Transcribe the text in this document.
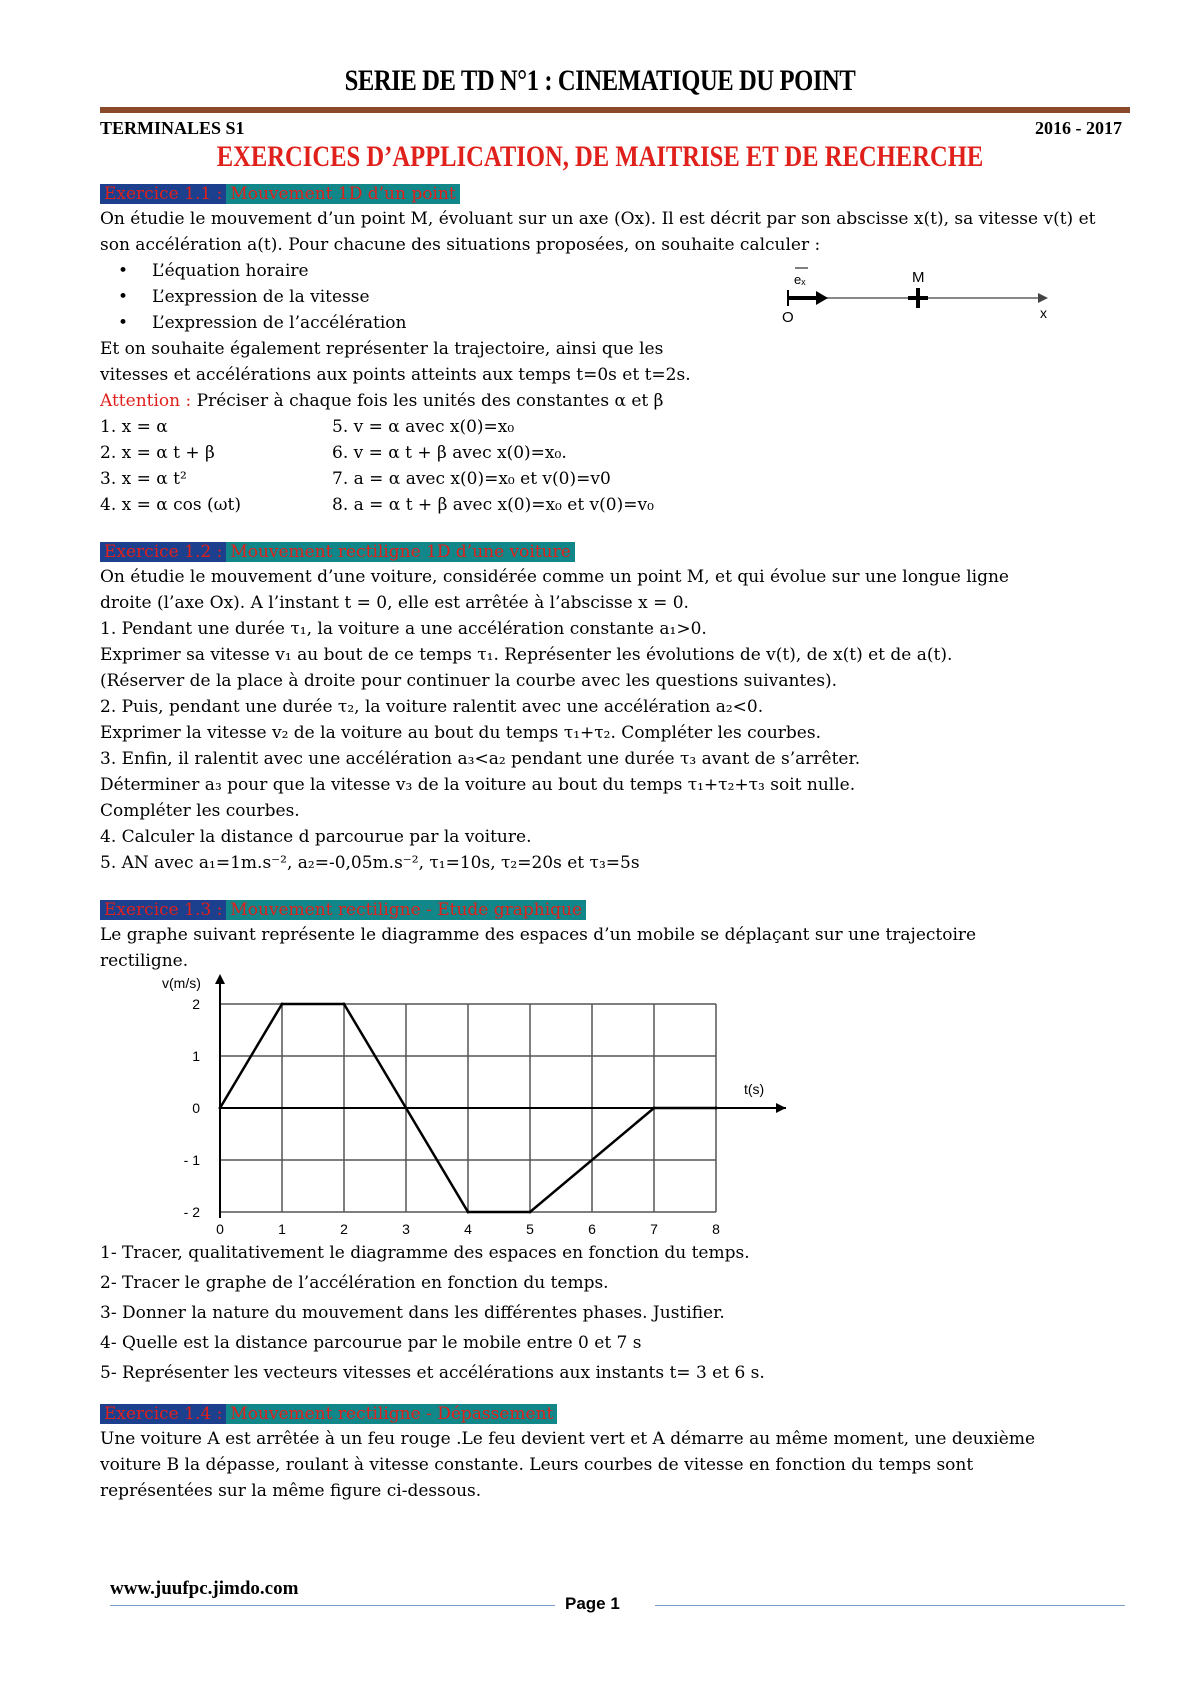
SERIE DE TD N°1 : CINEMATIQUE DU POINT
TERMINALES S1	2016 - 2017
EXERCICES D’APPLICATION, DE MAITRISE ET DE RECHERCHE
Exercice 1.1 : Mouvement 1D d’un point

On étudie le mouvement d’un point M, évoluant sur un axe (Ox). Il est décrit par son abscisse x(t), sa vitesse v(t) et son accélération a(t). Pour chacune des situations proposées, on souhaite calculer :

• L’équation horaire
• L’expression de la vitesse
• L’expression de l’accélération
eₓ	M
O	x

Et on souhaite également représenter la trajectoire, ainsi que les

vitesses et accélérations aux points atteints aux temps t=0s et t=2s.

Attention : Préciser à chaque fois les unités des constantes α et β

1. x = α	5. v = α avec x(0)=x₀
2. x = α t + β	6. v = α t + β avec x(0)=x₀.
3. x = α t²	7. a = α avec x(0)=x₀ et v(0)=v0
4. x = α cos (ωt)	8. a = α t + β avec x(0)=x₀ et v(0)=v₀
Exercice 1.2 : Mouvement rectiligne 1D d’une voiture

On étudie le mouvement d’une voiture, considérée comme un point M, et qui évolue sur une longue ligne

droite (l’axe Ox). A l’instant t = 0, elle est arrêtée à l’abscisse x = 0.

1. Pendant une durée τ₁, la voiture a une accélération constante a₁>0.

Exprimer sa vitesse v₁ au bout de ce temps τ₁. Représenter les évolutions de v(t), de x(t) et de a(t).

(Réserver de la place à droite pour continuer la courbe avec les questions suivantes).

2. Puis, pendant une durée τ₂, la voiture ralentit avec une accélération a₂<0.

Exprimer la vitesse v₂ de la voiture au bout du temps τ₁+τ₂. Compléter les courbes.

3. Enfin, il ralentit avec une accélération a₃<a₂ pendant une durée τ₃ avant de s’arrêter.

Déterminer a₃ pour que la vitesse v₃ de la voiture au bout du temps τ₁+τ₂+τ₃ soit nulle.

Compléter les courbes.

4. Calculer la distance d parcourue par la voiture.

5. AN avec a₁=1m.s⁻², a₂=-0,05m.s⁻², τ₁=10s, τ₂=20s et τ₃=5s

Exercice 1.3 : Mouvement rectiligne - Etude graphique

Le graphe suivant représente le diagramme des espaces d’un mobile se déplaçant sur une trajectoire

rectiligne.

2
1
0
- 1
- 2
0	1	2	3	4	5	6	7	8
v(m/s)
t(s)

1- Tracer, qualitativement le diagramme des espaces en fonction du temps.

2- Tracer le graphe de l’accélération en fonction du temps.

3- Donner la nature du mouvement dans les différentes phases. Justifier.

4- Quelle est la distance parcourue par le mobile entre 0 et 7 s

5- Représenter les vecteurs vitesses et accélérations aux instants t= 3 et 6 s.

Exercice 1.4 : Mouvement rectiligne - Dépassement

Une voiture A est arrêtée à un feu rouge .Le feu devient vert et A démarre au même moment, une deuxième

voiture B la dépasse, roulant à vitesse constante. Leurs courbes de vitesse en fonction du temps sont

représentées sur la même figure ci-dessous.

www.juufpc.jimdo.com
Page 1
